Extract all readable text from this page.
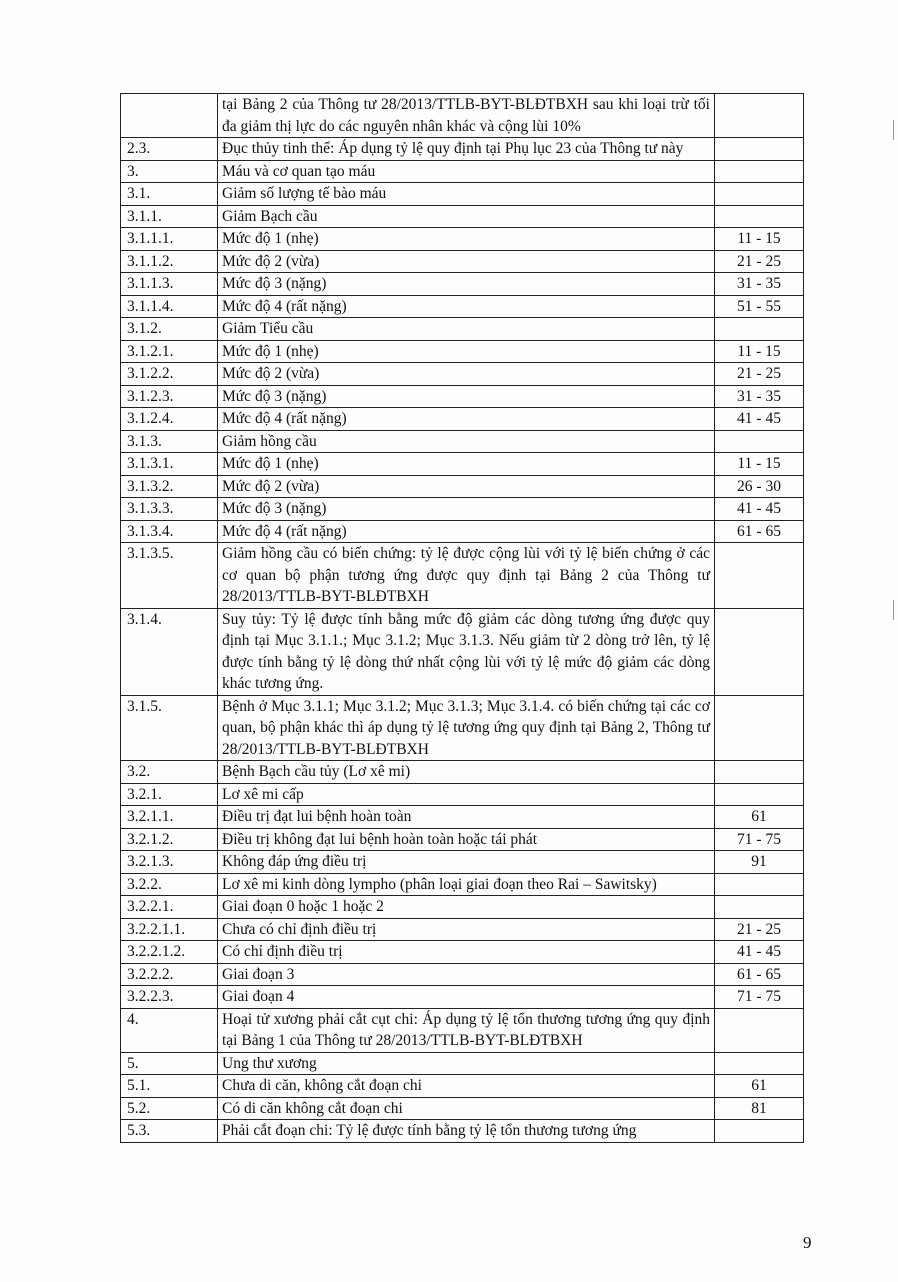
	tại Bảng 2 của Thông tư 28/2013/TTLB-BYT-BLĐTBXH sau khi loại trừ tối đa giảm thị lực do các nguyên nhân khác và cộng lùi 10%	
2.3.	Đục thủy tinh thể: Áp dụng tỷ lệ quy định tại Phụ lục 23 của Thông tư này	
3.	Máu và cơ quan tạo máu	
3.1.	Giảm số lượng tế bào máu	
3.1.1.	Giảm Bạch cầu	
3.1.1.1.	Mức độ 1 (nhẹ)	11 - 15
3.1.1.2.	Mức độ 2 (vừa)	21 - 25
3.1.1.3.	Mức độ 3 (nặng)	31 - 35
3.1.1.4.	Mức độ 4 (rất nặng)	51 - 55
3.1.2.	Giảm Tiểu cầu	
3.1.2.1.	Mức độ 1 (nhẹ)	11 - 15
3.1.2.2.	Mức độ 2 (vừa)	21 - 25
3.1.2.3.	Mức độ 3 (nặng)	31 - 35
3.1.2.4.	Mức độ 4 (rất nặng)	41 - 45
3.1.3.	Giảm hồng cầu	
3.1.3.1.	Mức độ 1 (nhẹ)	11 - 15
3.1.3.2.	Mức độ 2 (vừa)	26 - 30
3.1.3.3.	Mức độ 3 (nặng)	41 - 45
3.1.3.4.	Mức độ 4 (rất nặng)	61 - 65
3.1.3.5.	Giảm hồng cầu có biến chứng: tỷ lệ được cộng lùi với tỷ lệ biến chứng ở các cơ quan bộ phận tương ứng được quy định tại Bảng 2 của Thông tư 28/2013/TTLB-BYT-BLĐTBXH	
3.1.4.	Suy tủy: Tỷ lệ được tính bằng mức độ giảm các dòng tương ứng được quy định tại Mục 3.1.1.; Mục 3.1.2; Mục 3.1.3. Nếu giảm từ 2 dòng trở lên, tỷ lệ được tính bằng tỷ lệ dòng thứ nhất cộng lùi với tỷ lệ mức độ giảm các dòng khác tương ứng.	
3.1.5.	Bệnh ở Mục 3.1.1; Mục 3.1.2; Mục 3.1.3; Mục 3.1.4. có biến chứng tại các cơ quan, bộ phận khác thì áp dụng tỷ lệ tương ứng quy định tại Bảng 2, Thông tư 28/2013/TTLB-BYT-BLĐTBXH	
3.2.	Bệnh Bạch cầu tủy (Lơ xê mi)	
3.2.1.	Lơ xê mi cấp	
3.2.1.1.	Điều trị đạt lui bệnh hoàn toàn	61
3.2.1.2.	Điều trị không đạt lui bệnh hoàn toàn hoặc tái phát	71 - 75
3.2.1.3.	Không đáp ứng điều trị	91
3.2.2.	Lơ xê mi kinh dòng lympho (phân loại giai đoạn theo Rai – Sawitsky)	
3.2.2.1.	Giai đoạn 0 hoặc 1 hoặc 2	
3.2.2.1.1.	Chưa có chỉ định điều trị	21 - 25
3.2.2.1.2.	Có chỉ định điều trị	41 - 45
3.2.2.2.	Giai đoạn 3	61 - 65
3.2.2.3.	Giai đoạn 4	71 - 75
4.	Hoại tử xương phải cắt cụt chi: Áp dụng tỷ lệ tổn thương tương ứng quy định tại Bảng 1 của Thông tư 28/2013/TTLB-BYT-BLĐTBXH	
5.	Ung thư xương	
5.1.	Chưa di căn, không cắt đoạn chi	61
5.2.	Có di căn không cắt đoạn chi	81
5.3.	Phải cắt đoạn chi: Tỷ lệ được tính bằng tỷ lệ tổn thương tương ứng	
9
